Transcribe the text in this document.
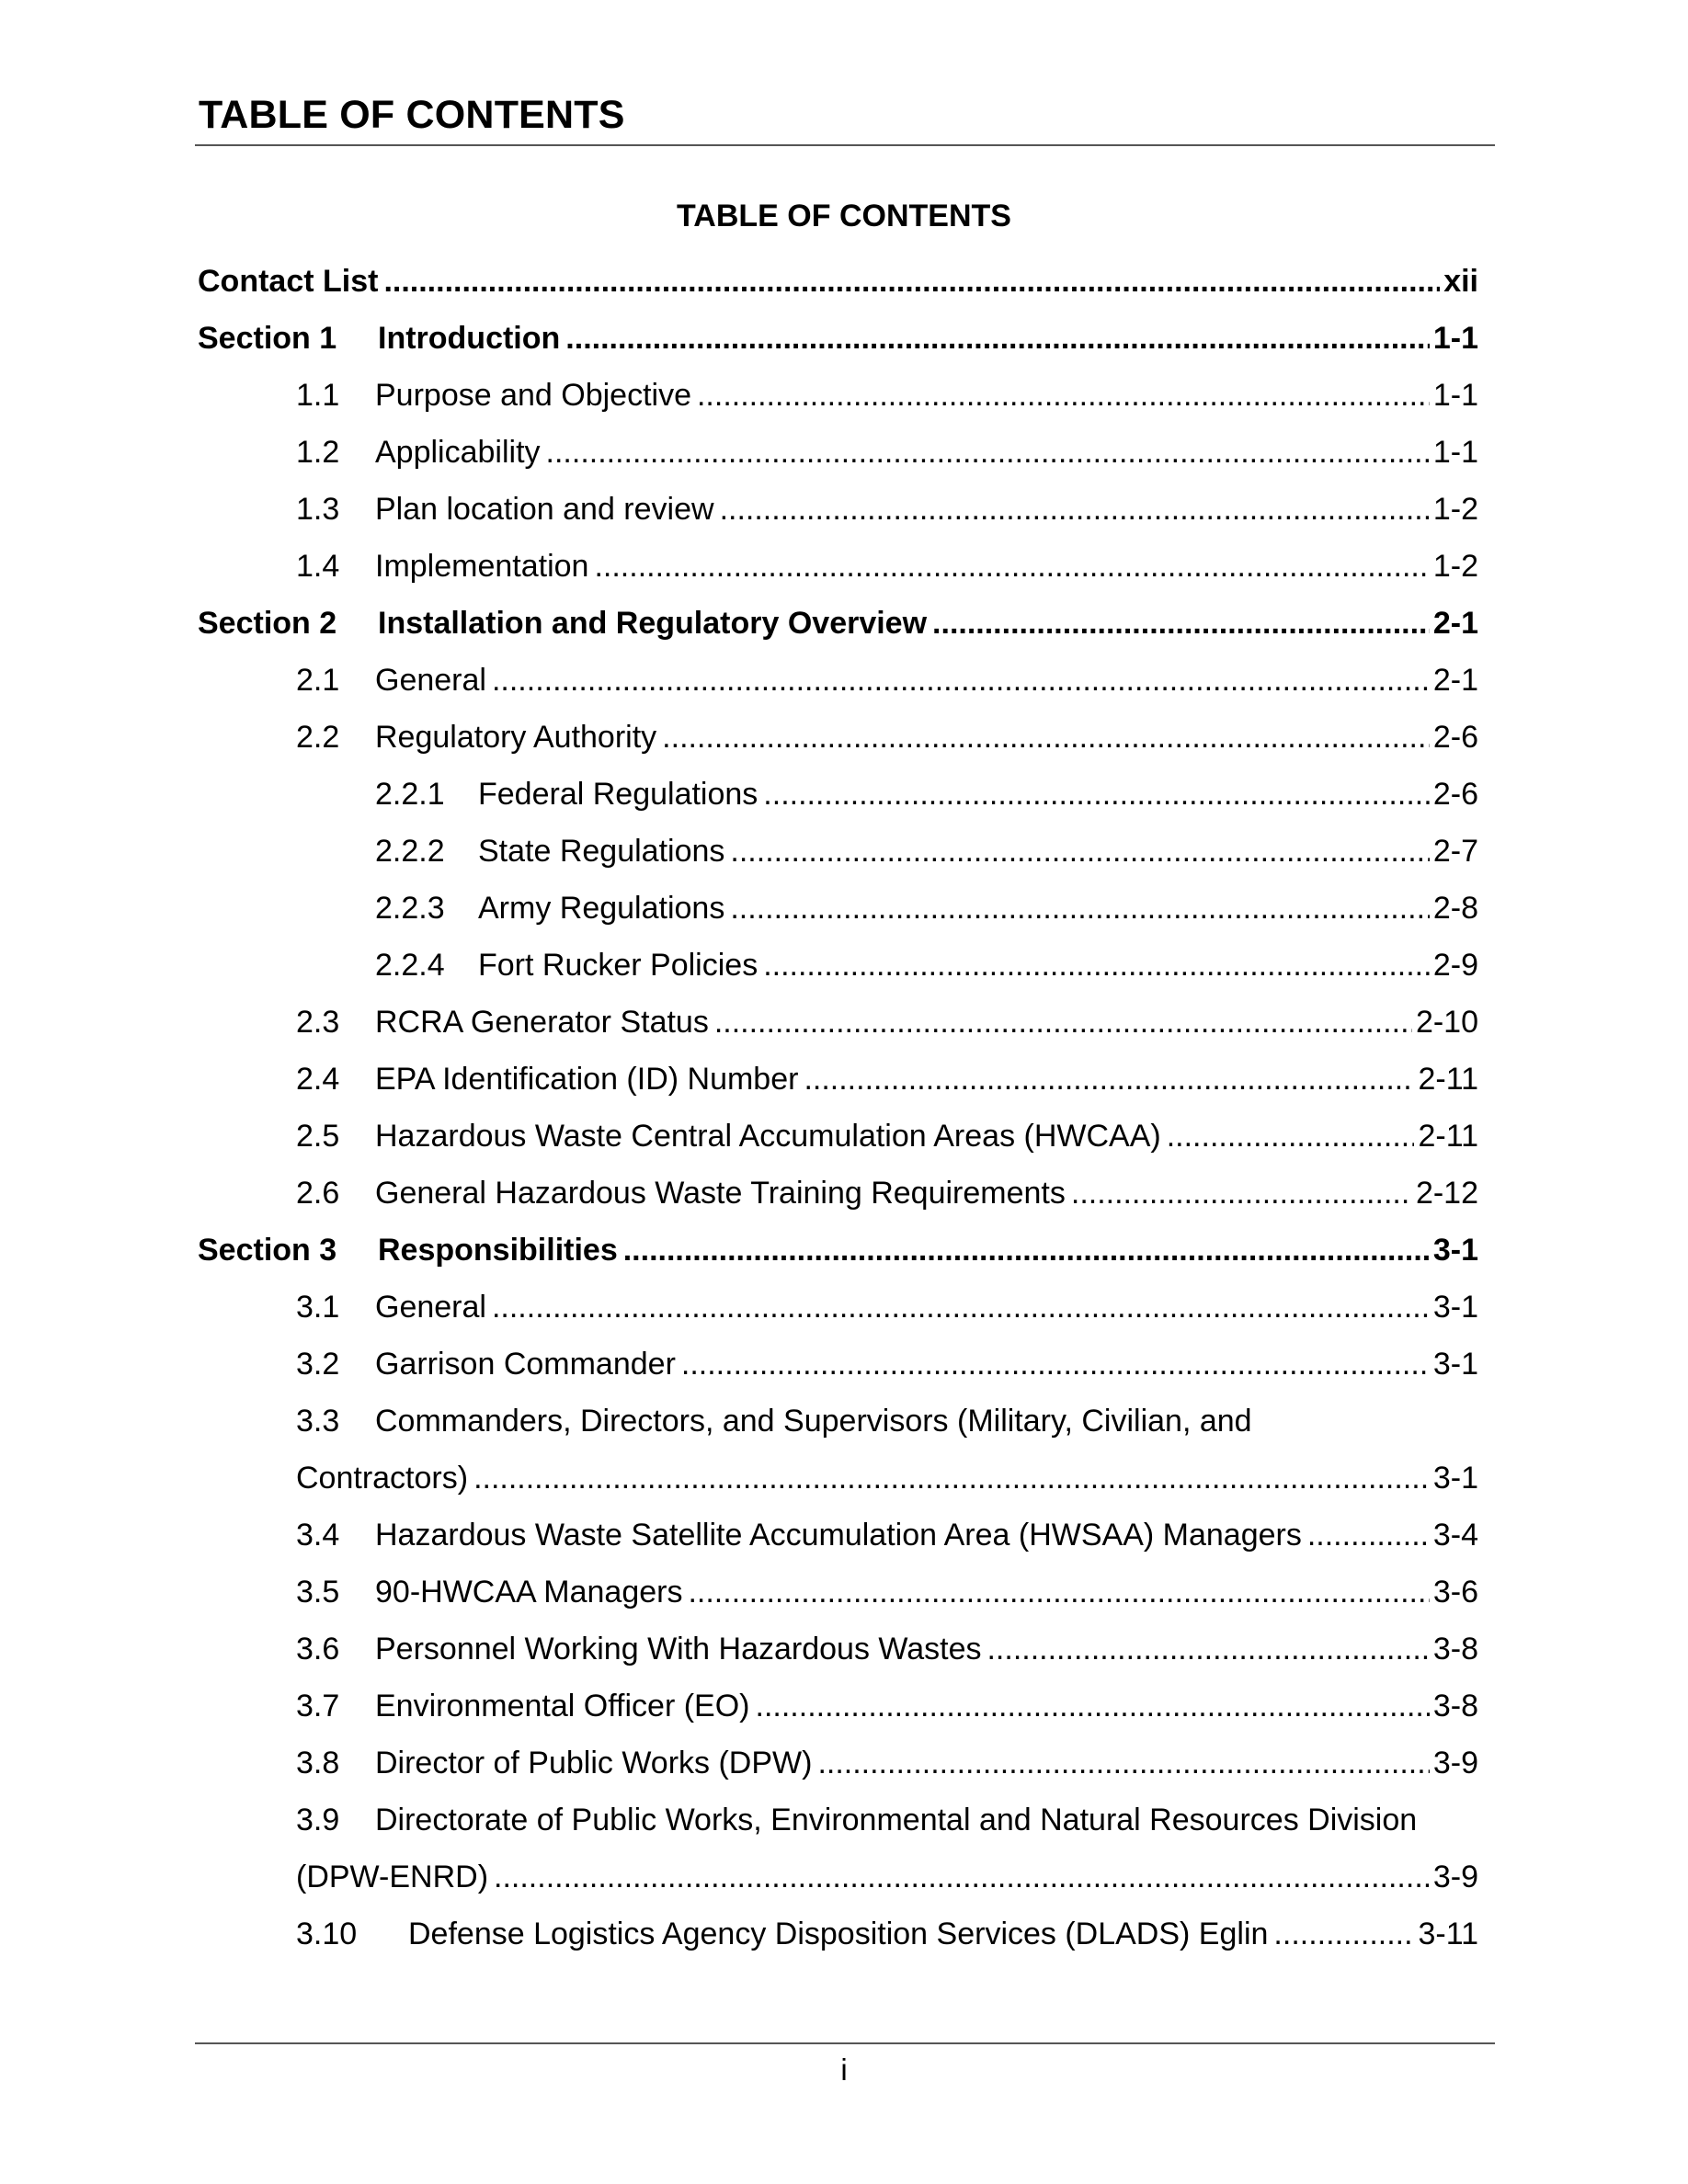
TABLE OF CONTENTS
TABLE OF CONTENTS
Contact List .....	xii
Section 1	Introduction .....	1-1
1.1	Purpose and Objective .....	1-1
1.2	Applicability .....	1-1
1.3	Plan location and review .....	1-2
1.4	Implementation .....	1-2
Section 2	Installation and Regulatory Overview .....	2-1
2.1	General .....	2-1
2.2	Regulatory Authority .....	2-6
2.2.1	Federal Regulations .....	2-6
2.2.2	State Regulations .....	2-7
2.2.3	Army Regulations .....	2-8
2.2.4	Fort Rucker Policies .....	2-9
2.3	RCRA Generator Status .....	2-10
2.4	EPA Identification (ID) Number .....	2-11
2.5	Hazardous Waste Central Accumulation Areas (HWCAA) .....	2-11
2.6	General Hazardous Waste Training Requirements .....	2-12
Section 3	Responsibilities .....	3-1
3.1	General .....	3-1
3.2	Garrison Commander .....	3-1
3.3	Commanders, Directors, and Supervisors (Military, Civilian, and
Contractors) .....	3-1
3.4	Hazardous Waste Satellite Accumulation Area (HWSAA) Managers .....	3-4
3.5	90-HWCAA Managers .....	3-6
3.6	Personnel Working With Hazardous Wastes .....	3-8
3.7	Environmental Officer (EO) .....	3-8
3.8	Director of Public Works (DPW) .....	3-9
3.9	Directorate of Public Works, Environmental and Natural Resources Division
(DPW-ENRD) .....	3-9
3.10	Defense Logistics Agency Disposition Services (DLADS) Eglin .....	3-11
i
